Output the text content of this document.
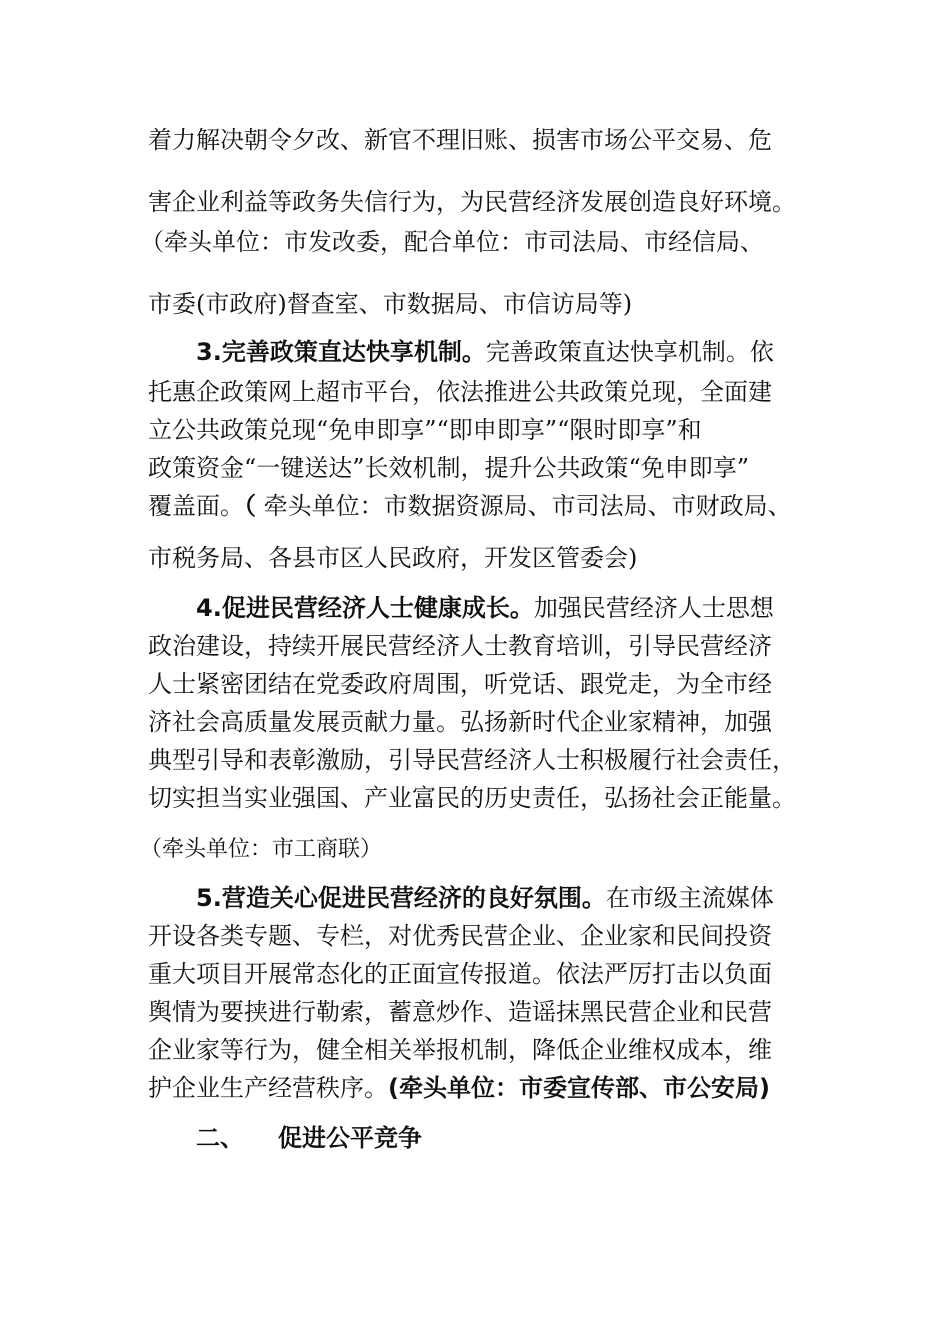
着力解决朝令夕改、新官不理旧账、损害市场公平交易、危
害企业利益等政务失信行为，为民营经济发展创造良好环境。
（牵头单位：市发改委，配合单位：市司法局、市经信局、
市委(市政府)督查室、市数据局、市信访局等)
3.完善政策直达快享机制。完善政策直达快享机制。依
托惠企政策网上超市平台，依法推进公共政策兑现，全面建
立公共政策兑现“免申即享”“即申即享”“限时即享”和
政策资金“一键送达”长效机制，提升公共政策“免申即享”
覆盖面。（ 牵头单位：市数据资源局、市司法局、市财政局、
市税务局、各县市区人民政府，开发区管委会)
4.促进民营经济人士健康成长。加强民营经济人士思想
政治建设，持续开展民营经济人士教育培训，引导民营经济
人士紧密团结在党委政府周围，听党话、跟党走，为全市经
济社会高质量发展贡献力量。弘扬新时代企业家精神，加强
典型引导和表彰激励，引导民营经济人士积极履行社会责任，
切实担当实业强国、产业富民的历史责任，弘扬社会正能量。
（牵头单位：市工商联）
5.营造关心促进民营经济的良好氛围。在市级主流媒体
开设各类专题、专栏，对优秀民营企业、企业家和民间投资
重大项目开展常态化的正面宣传报道。依法严厉打击以负面
舆情为要挟进行勒索，蓄意炒作、造谣抹黑民营企业和民营
企业家等行为，健全相关举报机制，降低企业维权成本，维
护企业生产经营秩序。(牵头单位：市委宣传部、市公安局)
二、 促进公平竞争
